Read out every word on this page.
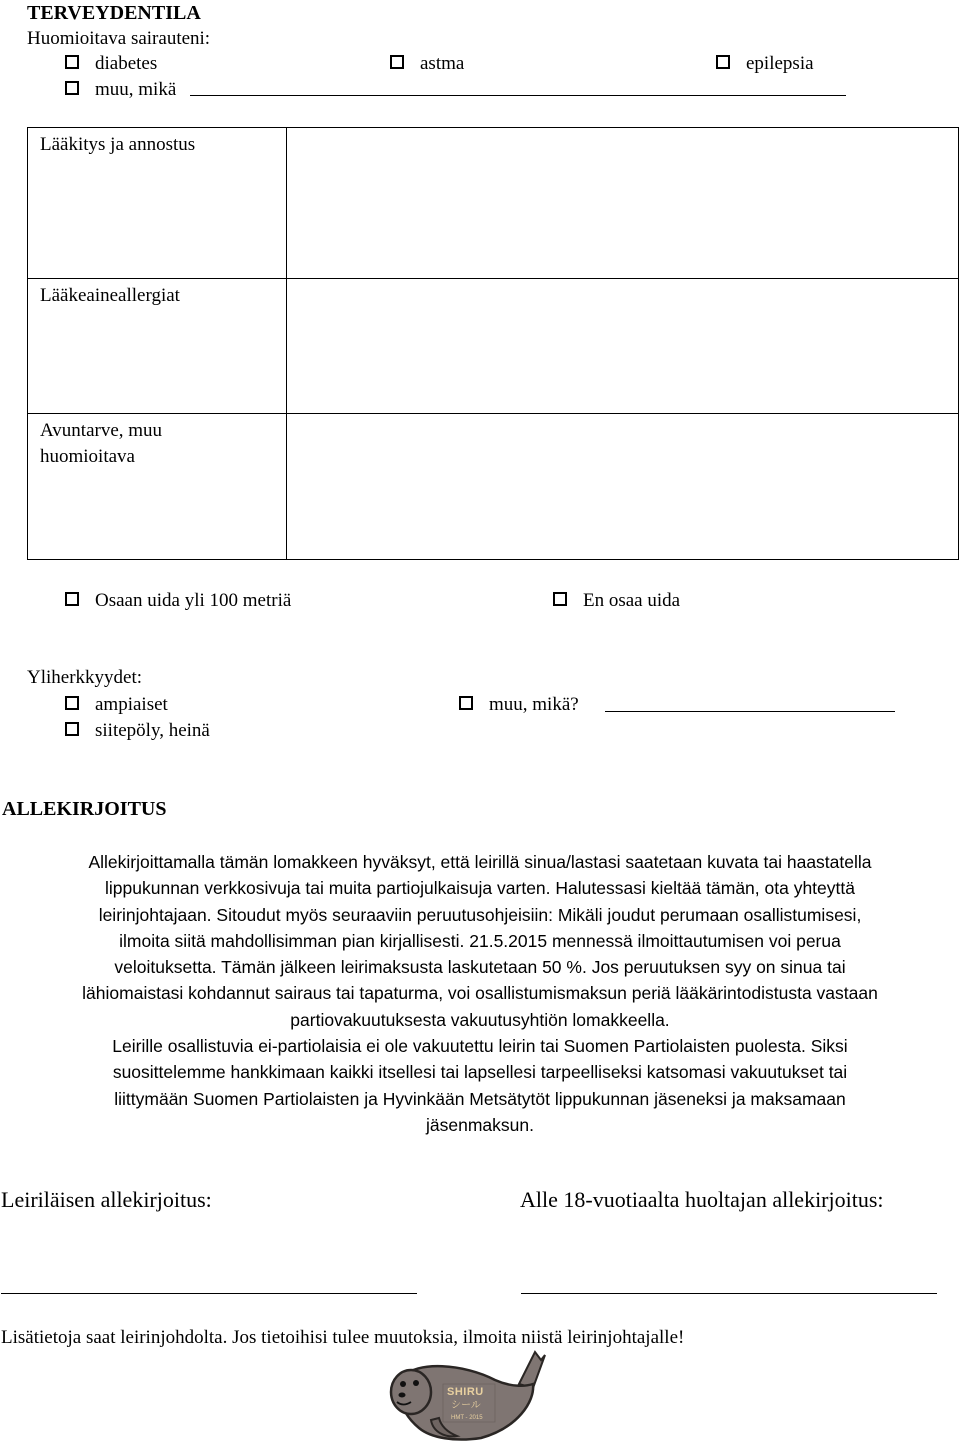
TERVEYDENTILA
Huomioitava sairauteni:
diabetes	astma	epilepsia
muu, mikä
Lääkitys ja annostus	

Lääkeaineallergiat	

Avuntarve, muu
huomioitava	

Osaan uida yli 100 metriä	En osaa uida
Yliherkkyydet:
ampiaiset	muu, mikä?
siitepöly, heinä
ALLEKIRJOITUS
Allekirjoittamalla tämän lomakkeen hyväksyt, että leirillä sinua/lastasi saatetaan kuvata tai haastatella
lippukunnan verkkosivuja tai muita partiojulkaisuja varten. Halutessasi kieltää tämän, ota yhteyttä
leirinjohtajaan. Sitoudut myös seuraaviin peruutusohjeisiin: Mikäli joudut perumaan osallistumisesi,
ilmoita siitä mahdollisimman pian kirjallisesti. 21.5.2015 mennessä ilmoittautumisen voi perua
veloituksetta. Tämän jälkeen leirimaksusta laskutetaan 50 %. Jos peruutuksen syy on sinua tai
lähiomaistasi kohdannut sairaus tai tapaturma, voi osallistumismaksun periä lääkärintodistusta vastaan
partiovakuutuksesta vakuutusyhtiön lomakkeella.
Leirille osallistuvia ei-partiolaisia ei ole vakuutettu leirin tai Suomen Partiolaisten puolesta. Siksi
suosittelemme hankkimaan kaikki itsellesi tai lapsellesi tarpeelliseksi katsomasi vakuutukset tai
liittymään Suomen Partiolaisten ja Hyvinkään Metsätytöt lippukunnan jäseneksi ja maksamaan
jäsenmaksun.
Leiriläisen allekirjoitus:	Alle 18-vuotiaalta huoltajan allekirjoitus:
Lisätietoja saat leirinjohdolta. Jos tietoihisi tulee muutoksia, ilmoita niistä leirinjohtajalle!
SHIRU
シール
HMT - 2015
